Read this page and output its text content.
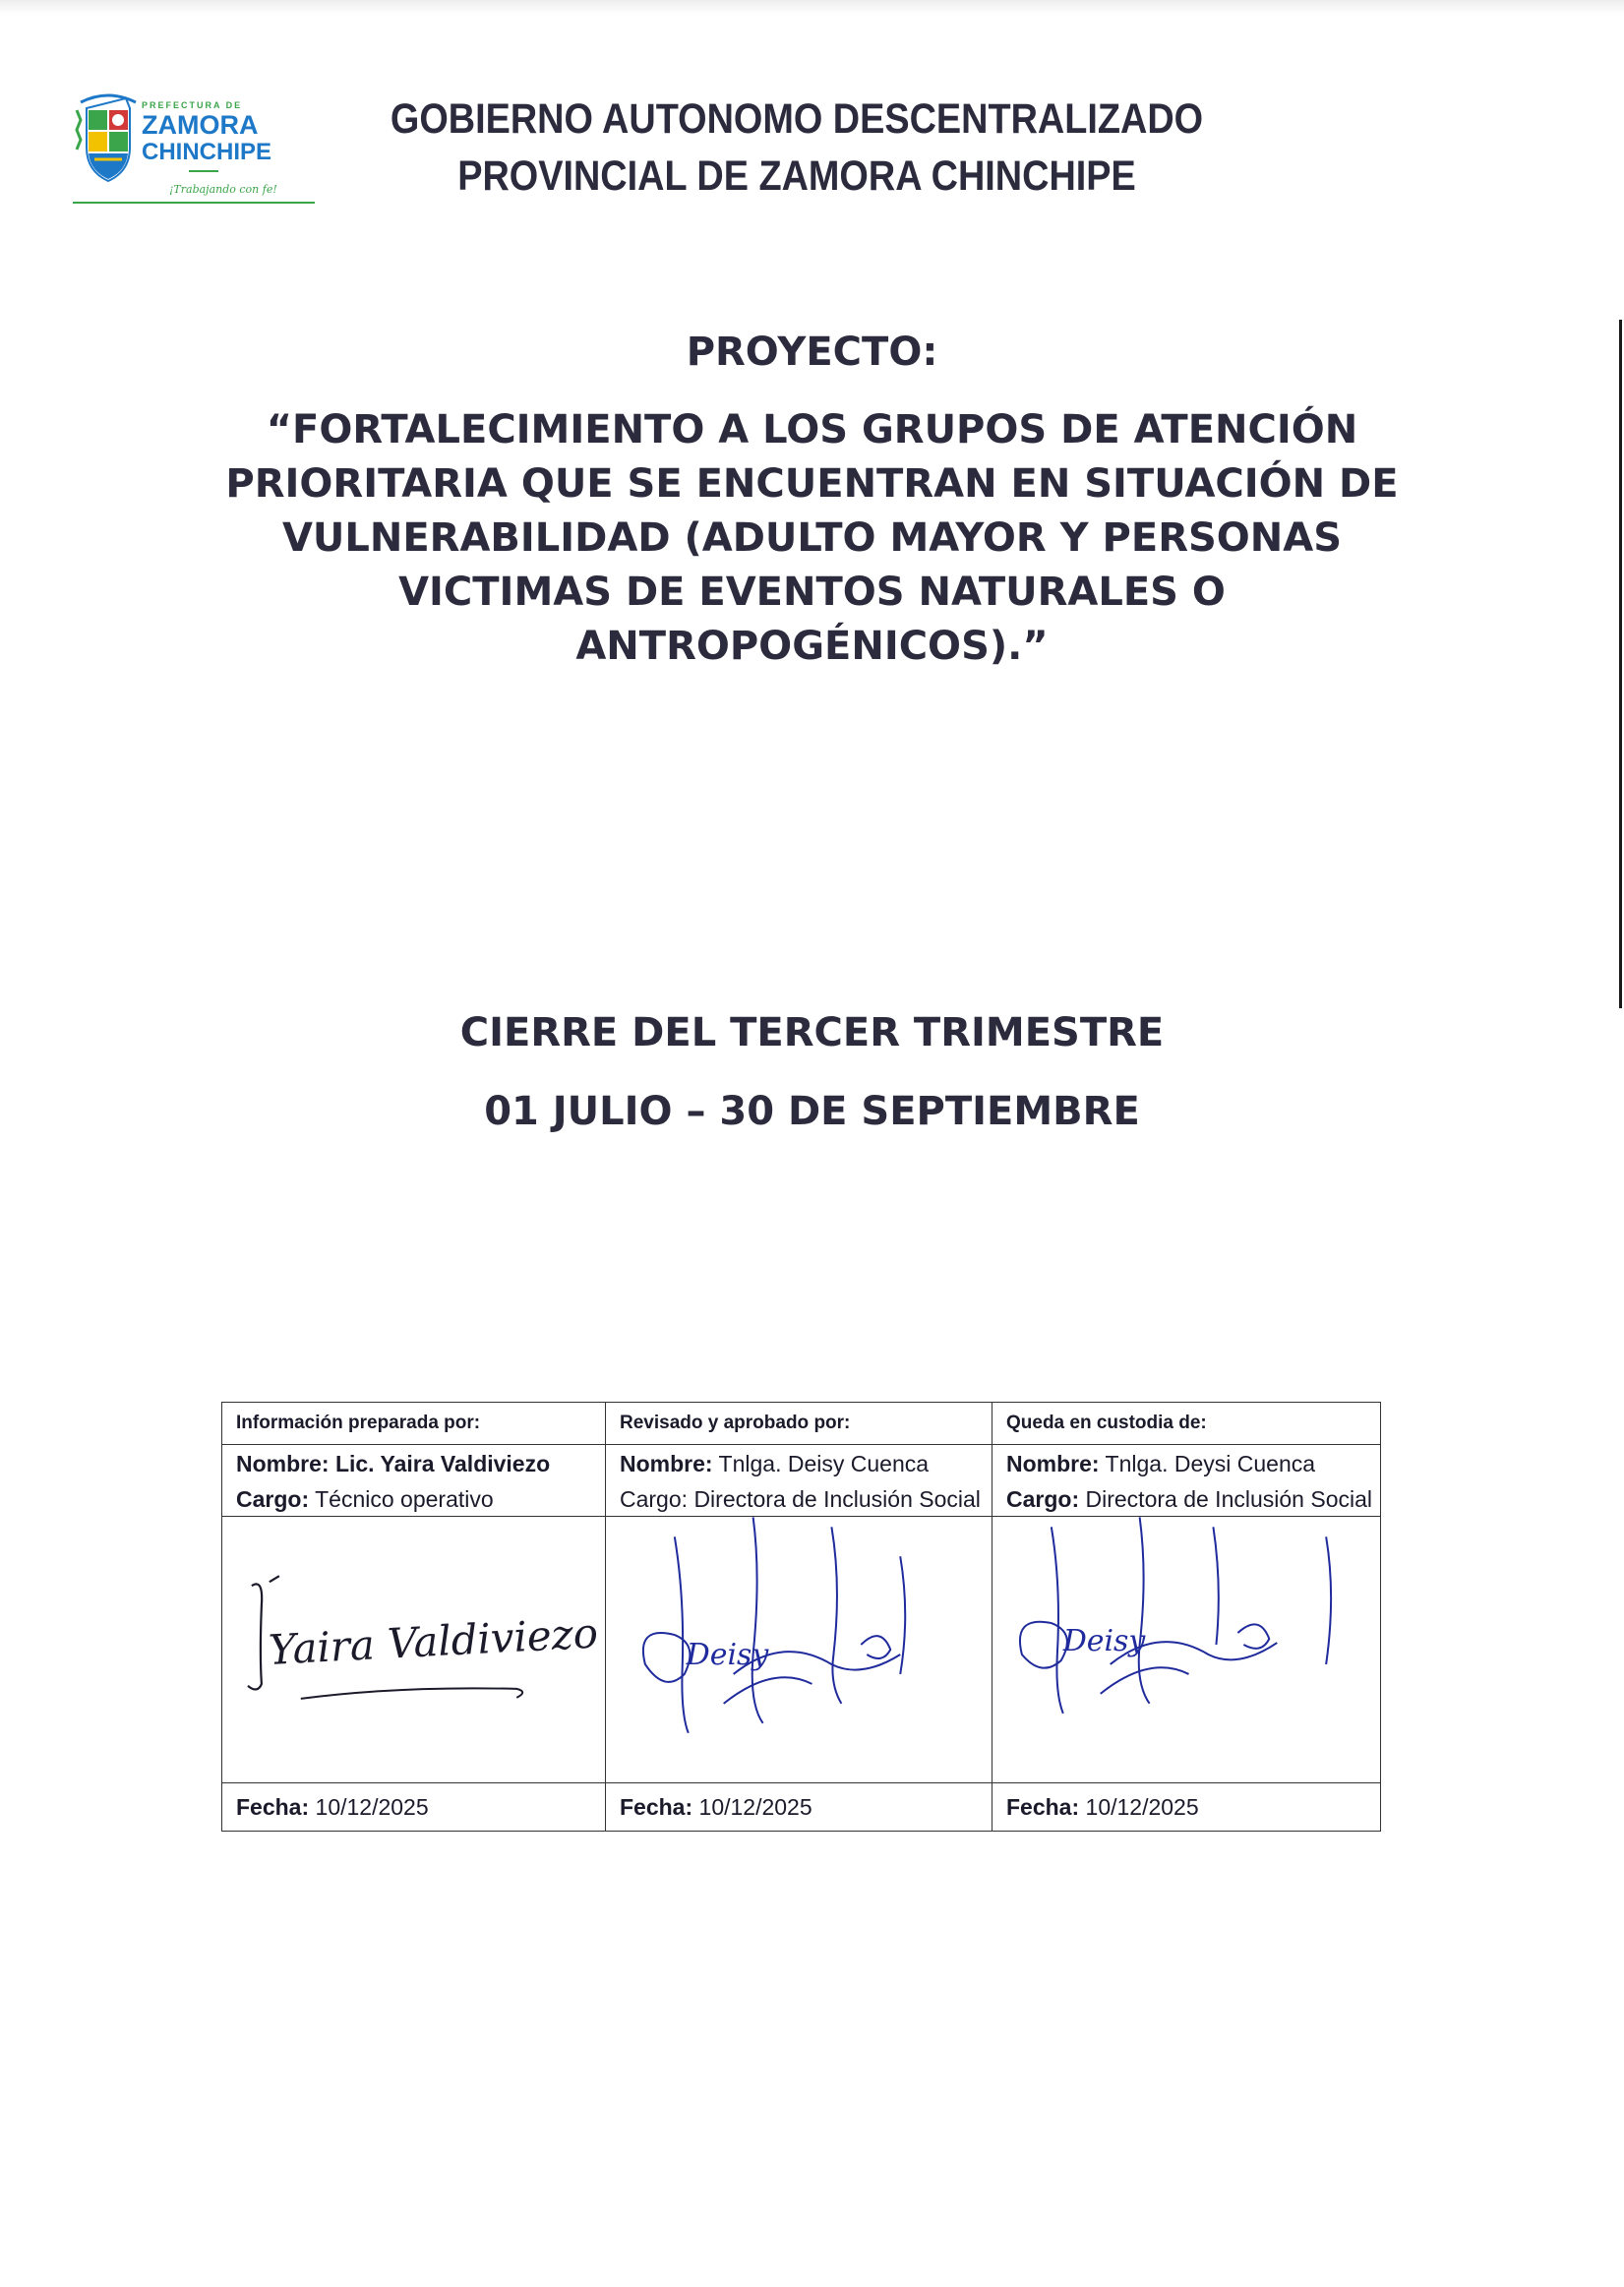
PREFECTURA DE
ZAMORA
CHINCHIPE
¡Trabajando con fe!
GOBIERNO AUTONOMO DESCENTRALIZADO
PROVINCIAL DE ZAMORA CHINCHIPE
PROYECTO:
“FORTALECIMIENTO A LOS GRUPOS DE ATENCIÓN
PRIORITARIA QUE SE ENCUENTRAN EN SITUACIÓN DE
VULNERABILIDAD (ADULTO MAYOR Y PERSONAS
VICTIMAS DE EVENTOS NATURALES O
ANTROPOGÉNICOS).”
CIERRE DEL TERCER TRIMESTRE
01 JULIO – 30 DE SEPTIEMBRE
Información preparada por:	Revisado y aprobado por:	Queda en custodia de:
Nombre: Lic. Yaira Valdiviezo	Nombre: Tnlga. Deisy Cuenca	Nombre: Tnlga. Deysi Cuenca
Cargo: Técnico operativo	Cargo: Directora de Inclusión Social	Cargo: Directora de Inclusión Social

Yaira Valdiviezo	Deisy	Deisy

Fecha: 10/12/2025	Fecha: 10/12/2025	Fecha: 10/12/2025
